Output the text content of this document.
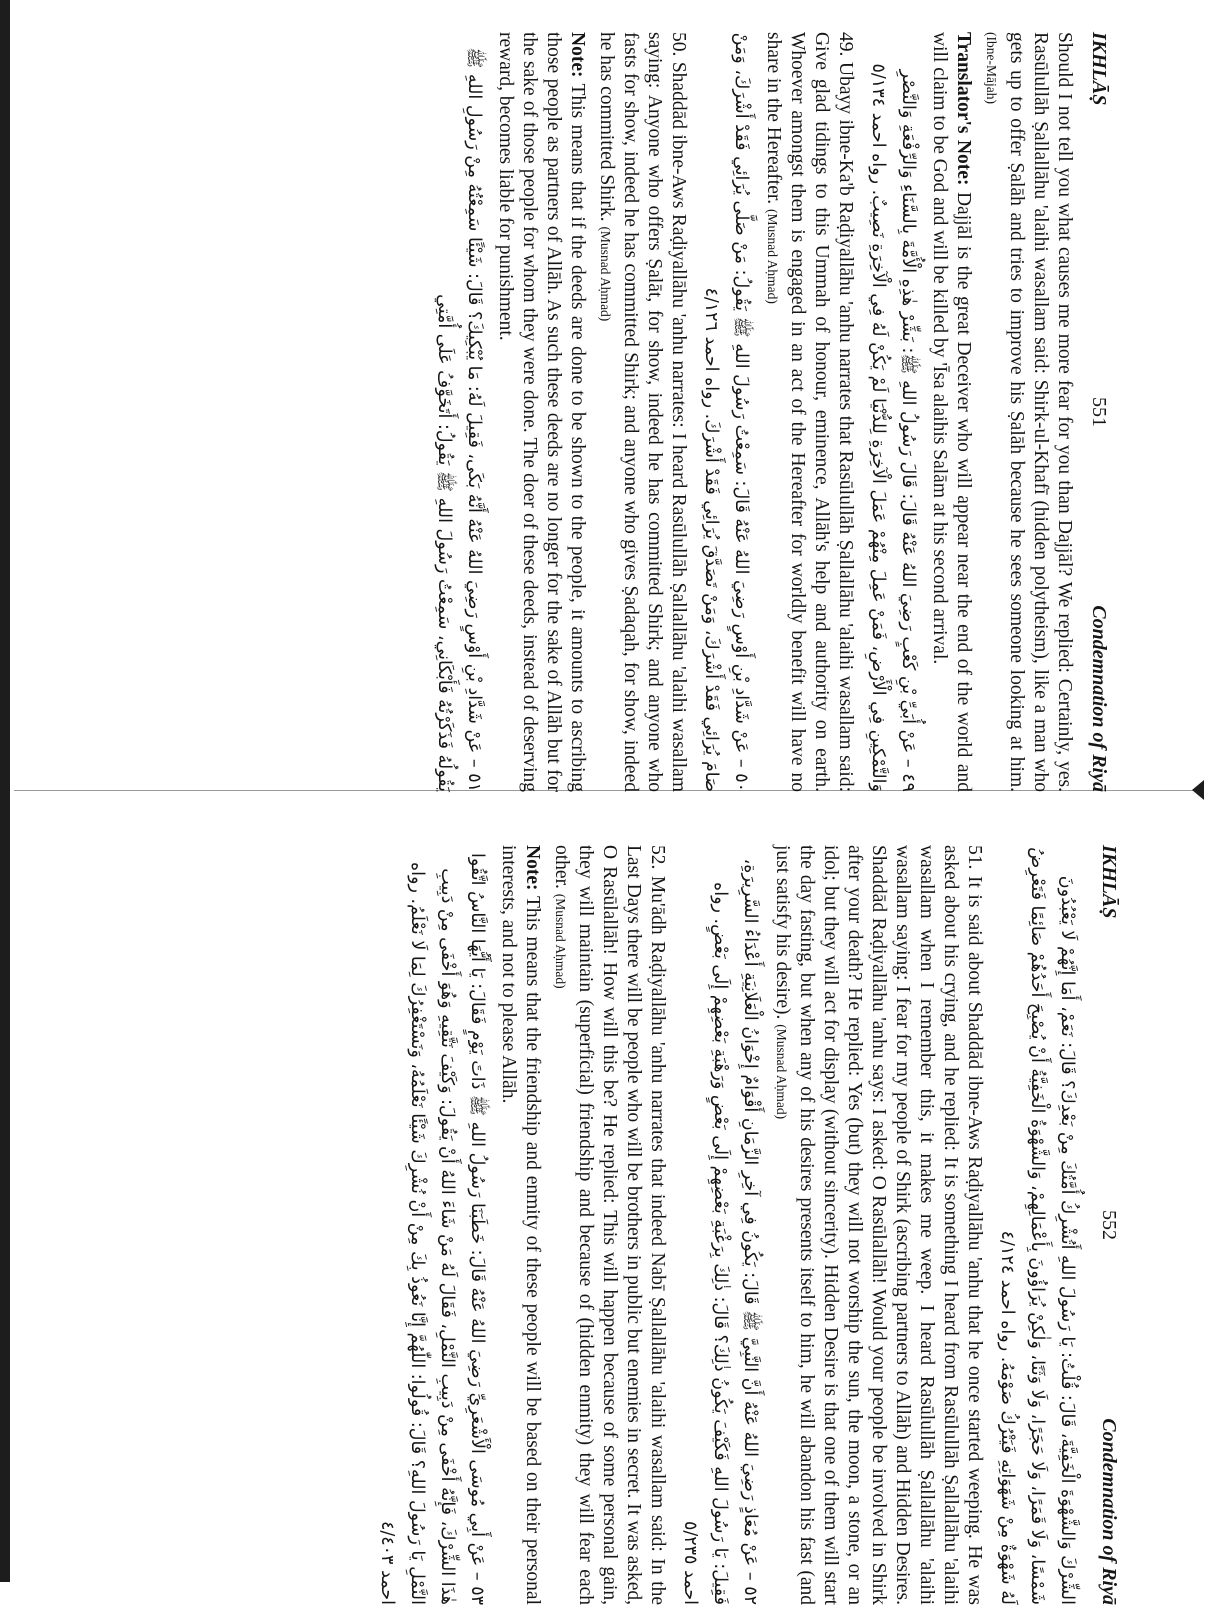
IKHLĀṢ
551
Condemnation of Riyā

Should I not tell you what causes me more fear for you than Dajjāl? We replied: Certainly, yes. Rasūlullāh Ṣallallāhu 'alaihi wasallam said: Shirk-ul-Khafī (hidden polytheism), like a man who gets up to offer Ṣalāh and tries to improve his Ṣalāh because he sees someone looking at him. (Ibne-Mājah)

Translator's Note: Dajjāl is the great Deceiver who will appear near the end of the world and will claim to be God and will be killed by 'Īsa alaihis Salām at his second arrival.

٤٩ – عَنْ أُبَيِّ بْنِ كَعْبٍ رَضِيَ اللهُ عَنْهُ قَالَ: قَالَ رَسُولُ اللهِ ﷺ: بَشِّرْ هٰذِهِ الْأُمَّةَ بِالسَّنَاءِ وَالرِّفْعَةِ وَالنَّصْرِ وَالتَّمْكِينِ فِي الْأَرْضِ، فَمَنْ عَمِلَ مِنْهُمْ عَمَلَ الْآخِرَةِ لِلدُّنْيَا لَمْ يَكُنْ لَهُ فِي الْآخِرَةِ نَصِيبٌ. رواه احمد ٥/١٣٤

49. Ubayy ibne-Ka'b Raḍiyallāhu 'anhu narrates that Rasūlullāh Ṣallallāhu 'alaihi wasallam said: Give glad tidings to this Ummah of honour, eminence, Allāh's help and authority on earth. Whoever amongst them is engaged in an act of the Hereafter for worldly benefit will have no share in the Hereafter. (Musnad Aḥmad)

٥٠ – عَنْ شَدَّادِ بْنِ أَوْسٍ رَضِيَ اللهُ عَنْهُ قَالَ: سَمِعْتُ رَسُولَ اللهِ ﷺ يَقُولُ: مَنْ صَلَّى يُرَائِي فَقَدْ أَشْرَكَ، وَمَنْ صَامَ يُرَائِي فَقَدْ أَشْرَكَ، وَمَنْ تَصَدَّقَ يُرَائِي فَقَدْ أَشْرَكَ. رواه احمد ٤/١٢٦

50. Shaddād ibne-Aws Raḍiyallāhu 'anhu narrates: I heard Rasūlullāh Ṣallallāhu 'alaihi wasallam saying: Anyone who offers Ṣalāt, for show, indeed he has committed Shirk; and anyone who fasts for show, indeed he has committed Shirk; and anyone who gives Ṣadaqah, for show, indeed he has committed Shirk. (Musnad Aḥmad)

Note: This means that if the deeds are done to be shown to the people, it amounts to ascribing those people as partners of Allāh. As such these deeds are no longer for the sake of Allāh but for the sake of those people for whom they were done. The doer of these deeds, instead of deserving reward, becomes liable for punishment.

٥١ – عَنْ شَدَّادِ بْنِ أَوْسٍ رَضِيَ اللهُ عَنْهُ أَنَّهُ بَكَى، فَقِيلَ لَهُ: مَا يُبْكِيكَ؟ قَالَ: شَيْئًا سَمِعْتُهُ مِنْ رَسُولِ اللهِ ﷺ يَقُولُهُ فَذَكَرْتُهُ فَأَبْكَانِي، سَمِعْتُ رَسُولَ اللهِ ﷺ يَقُولُ: أَتَخَوَّفُ عَلَى أُمَّتِي

IKHLĀṢ
552
Condemnation of Riyā

الشِّرْكَ وَالشَّهْوَةَ الْخَفِيَّةَ، قَالَ: قُلْتُ: يَا رَسُولَ اللهِ أَتُشْرِكُ أُمَّتُكَ مِنْ بَعْدِكَ؟ قَالَ: نَعَمْ، أَمَا إِنَّهُمْ لَا يَعْبُدُونَ شَمْسًا، وَلَا قَمَرًا، وَلَا حَجَرًا، وَلَا وَثَنًا، وَلٰكِنْ يُرَاؤُونَ بِأَعْمَالِهِمْ، وَالشَّهْوَةُ الْخَفِيَّةُ أَنْ يُصْبِحَ أَحَدُهُمْ صَائِمًا فَتَعْرِضُ لَهُ شَهْوَةٌ مِنْ شَهَوَاتِهِ فَيَتْرُكُ صَوْمَهُ. رواه احمد ٤/١٢٤

51. It is said about Shaddād ibne-Aws Raḍiyallāhu 'anhu that he once started weeping. He was asked about his crying, and he replied: It is something I heard from Rasūlullāh Ṣallallāhu 'alaihi wasallam when I remember this, it makes me weep. I heard Rasūlullāh Ṣallallāhu 'alaihi wasallam saying: I fear for my people of Shirk (ascribing partners to Allāh) and Hidden Desires. Shaddād Raḍiyallāhu 'anhu says: I asked: O Rasūlallāh! Would your people be involved in Shirk after your death? He replied: Yes (but) they will not worship the sun, the moon, a stone, or an idol; but they will act for display (without sincerity). Hidden Desire is that one of them will start the day fasting, but when any of his desires presents itself to him, he will abandon his fast (and just satisfy his desire). (Musnad Aḥmad)

٥٢ – عَنْ مُعَاذٍ رَضِيَ اللهُ عَنْهُ أَنَّ النَّبِيَّ ﷺ قَالَ: يَكُونُ فِي آخِرِ الزَّمَانِ أَقْوَامٌ إِخْوَانُ الْعَلَانِيَةِ أَعْدَاءُ السَّرِيرَةِ، فَقِيلَ: يَا رَسُولَ اللهِ فَكَيْفَ يَكُونُ ذٰلِكَ؟ قَالَ: ذٰلِكَ بِرَغْبَةِ بَعْضِهِمْ إِلَى بَعْضٍ وَرَهْبَةِ بَعْضِهِمْ إِلَى بَعْضٍ. رواه احمد ٥/٢٣٥

52. Mu'ādh Raḍiyallāhu 'anhu narrates that indeed Nabī Ṣallallāhu 'alaihi wasallam said: In the Last Days there will be people who will be brothers in public but enemies in secret. It was asked, O Rasūlallāh! How will this be? He replied: This will happen because of some personal gain, they will maintain (superficial) friendship and because of (hidden enmity) they will fear each other. (Musnad Aḥmad)

Note: This means that the friendship and enmity of these people will be based on their personal interests, and not to please Allāh.

٥٣ – عَنْ أَبِي مُوسَى الْأَشْعَرِيِّ رَضِيَ اللهُ عَنْهُ قَالَ: خَطَبَنَا رَسُولُ اللهِ ﷺ ذَاتَ يَوْمٍ فَقَالَ: يَا أَيُّهَا النَّاسُ اتَّقُوا هٰذَا الشِّرْكَ، فَإِنَّهُ أَخْفَى مِنْ دَبِيبِ النَّمْلِ، فَقَالَ لَهُ مَنْ شَاءَ اللهُ أَنْ يَقُولَ: وَكَيْفَ نَتَّقِيهِ وَهُوَ أَخْفَى مِنْ دَبِيبِ النَّمْلِ يَا رَسُولَ اللهِ؟ قَالَ: قُولُوا: اللّٰهُمَّ إِنَّا نَعُوذُ بِكَ مِنْ أَنْ نُشْرِكَ شَيْئًا نَعْلَمُهُ، وَنَسْتَغْفِرُكَ لِمَا لَا نَعْلَمُ. رواه احمد ٤/٤٠٣
